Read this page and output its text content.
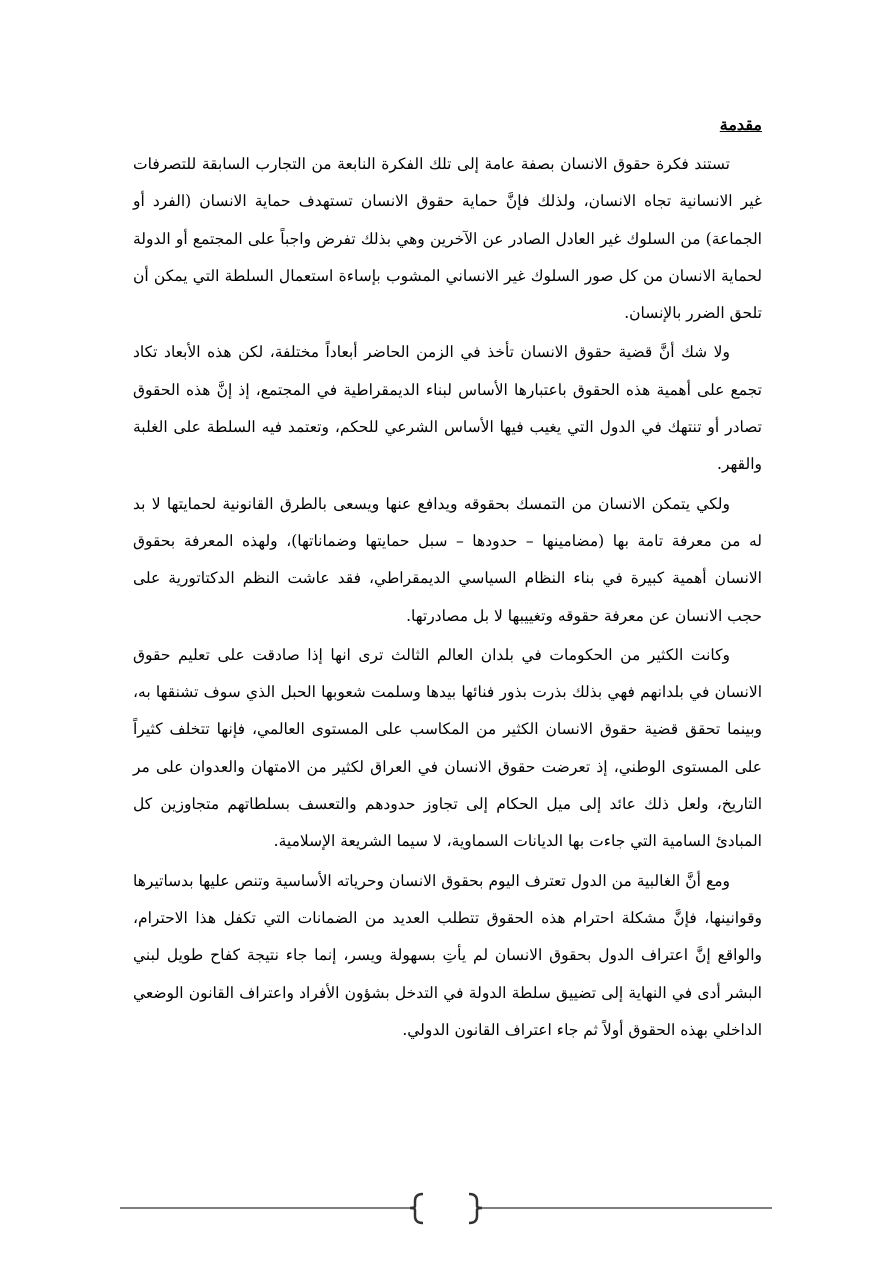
مقدمة

تستند فكرة حقوق الانسان بصفة عامة إلى تلك الفكرة النابعة من التجارب السابقة للتصرفات غير الانسانية تجاه الانسان، ولذلك فإنَّ حماية حقوق الانسان تستهدف حماية الانسان (الفرد أو الجماعة) من السلوك غير العادل الصادر عن الآخرين وهي بذلك تفرض واجباً على المجتمع أو الدولة لحماية الانسان من كل صور السلوك غير الانساني المشوب بإساءة استعمال السلطة التي يمكن أن تلحق الضرر بالإنسان.

ولا شك أنَّ قضية حقوق الانسان تأخذ في الزمن الحاضر أبعاداً مختلفة، لكن هذه الأبعاد تكاد تجمع على أهمية هذه الحقوق باعتبارها الأساس لبناء الديمقراطية في المجتمع، إذ إنَّ هذه الحقوق تصادر أو تنتهك في الدول التي يغيب فيها الأساس الشرعي للحكم، وتعتمد فيه السلطة على الغلبة والقهر.

ولكي يتمكن الانسان من التمسك بحقوقه ويدافع عنها ويسعى بالطرق القانونية لحمايتها لا بد له من معرفة تامة بها (مضامينها – حدودها – سبل حمايتها وضماناتها)، ولهذه المعرفة بحقوق الانسان أهمية كبيرة في بناء النظام السياسي الديمقراطي، فقد عاشت النظم الدكتاتورية على حجب الانسان عن معرفة حقوقه وتغييبها لا بل مصادرتها.

وكانت الكثير من الحكومات في بلدان العالم الثالث ترى انها إذا صادقت على تعليم حقوق الانسان في بلدانهم فهي بذلك بذرت بذور فنائها بيدها وسلمت شعوبها الحبل الذي سوف تشنقها به، وبينما تحقق قضية حقوق الانسان الكثير من المكاسب على المستوى العالمي، فإنها تتخلف كثيراً على المستوى الوطني، إذ تعرضت حقوق الانسان في العراق لكثير من الامتهان والعدوان على مر التاريخ، ولعل ذلك عائد إلى ميل الحكام إلى تجاوز حدودهم والتعسف بسلطاتهم متجاوزين كل المبادئ السامية التي جاءت بها الديانات السماوية، لا سيما الشريعة الإسلامية.

ومع أنَّ الغالبية من الدول تعترف اليوم بحقوق الانسان وحرياته الأساسية وتنص عليها بدساتيرها وقوانينها، فإنَّ مشكلة احترام هذه الحقوق تتطلب العديد من الضمانات التي تكفل هذا الاحترام، والواقع إنَّ اعتراف الدول بحقوق الانسان لم يأتِ بسهولة ويسر، إنما جاء نتيجة كفاح طويل لبني البشر أدى في النهاية إلى تضييق سلطة الدولة في التدخل بشؤون الأفراد واعتراف القانون الوضعي الداخلي بهذه الحقوق أولاً ثم جاء اعتراف القانون الدولي.
